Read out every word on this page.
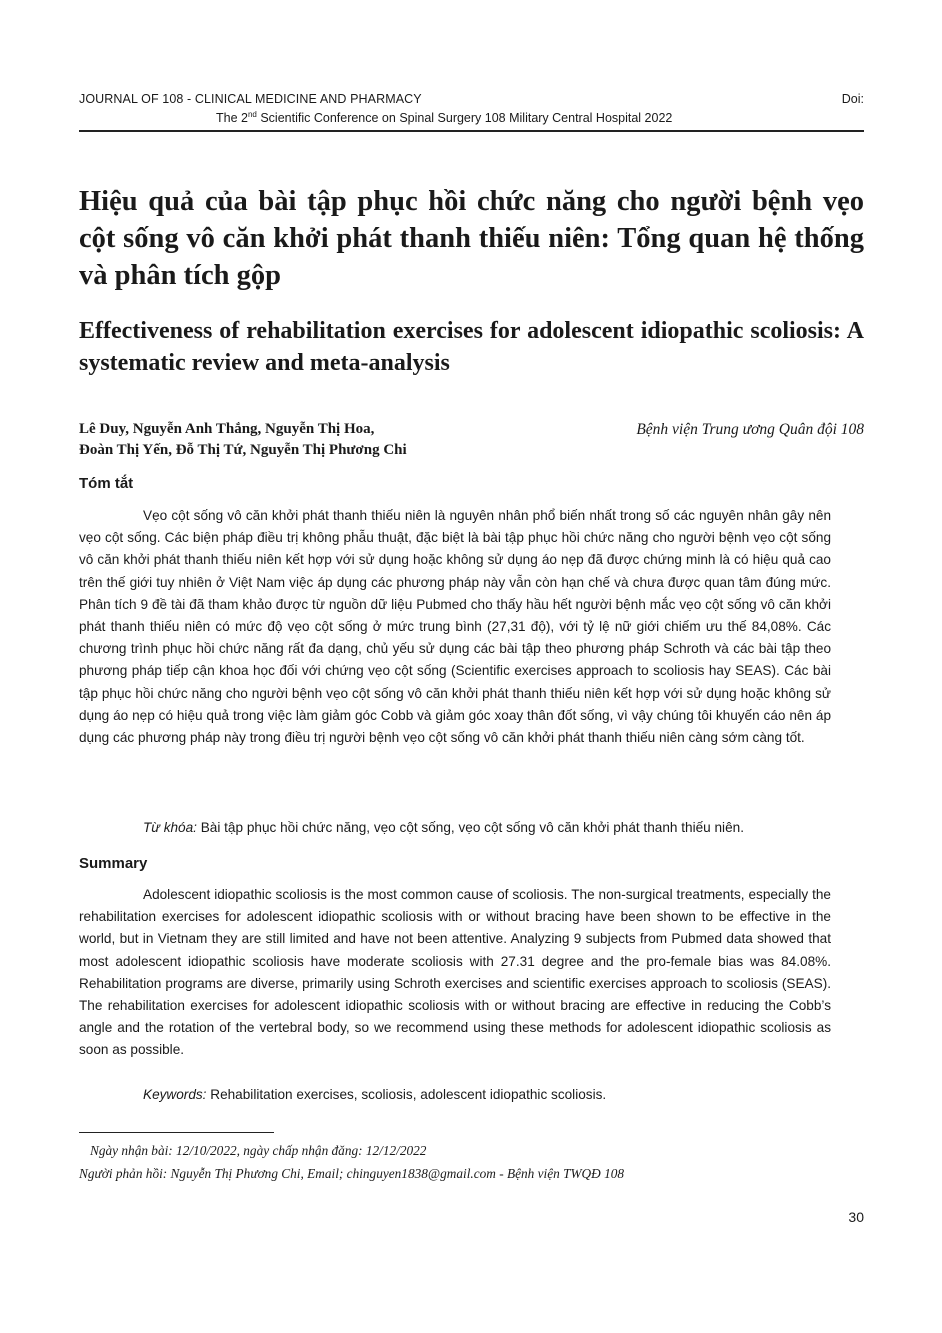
JOURNAL OF 108 - CLINICAL MEDICINE AND PHARMACY	Doi:
The 2nd Scientific Conference on Spinal Surgery 108 Military Central Hospital 2022
Hiệu quả của bài tập phục hồi chức năng cho người bệnh vẹo cột sống vô căn khởi phát thanh thiếu niên: Tổng quan hệ thống và phân tích gộp
Effectiveness of rehabilitation exercises for adolescent idiopathic scoliosis: A systematic review and meta-analysis
Lê Duy, Nguyễn Anh Thắng, Nguyễn Thị Hoa,
Đoàn Thị Yến, Đỗ Thị Tứ, Nguyễn Thị Phương Chi
Bệnh viện Trung ương Quân đội 108
Tóm tắt

Vẹo cột sống vô căn khởi phát thanh thiếu niên là nguyên nhân phổ biến nhất trong số các nguyên nhân gây nên vẹo cột sống. Các biện pháp điều trị không phẫu thuật, đặc biệt là bài tập phục hồi chức năng cho người bệnh vẹo cột sống vô căn khởi phát thanh thiếu niên kết hợp với sử dụng hoặc không sử dụng áo nẹp đã được chứng minh là có hiệu quả cao trên thế giới tuy nhiên ở Việt Nam việc áp dụng các phương pháp này vẫn còn hạn chế và chưa được quan tâm đúng mức. Phân tích 9 đề tài đã tham khảo được từ nguồn dữ liệu Pubmed cho thấy hầu hết người bệnh mắc vẹo cột sống vô căn khởi phát thanh thiếu niên có mức độ vẹo cột sống ở mức trung bình (27,31 độ), với tỷ lệ nữ giới chiếm ưu thế 84,08%. Các chương trình phục hồi chức năng rất đa dạng, chủ yếu sử dụng các bài tập theo phương pháp Schroth và các bài tập theo phương pháp tiếp cận khoa học đối với chứng vẹo cột sống (Scientific exercises approach to scoliosis hay SEAS). Các bài tập phục hồi chức năng cho người bệnh vẹo cột sống vô căn khởi phát thanh thiếu niên kết hợp với sử dụng hoặc không sử dụng áo nẹp có hiệu quả trong việc làm giảm góc Cobb và giảm góc xoay thân đốt sống, vì vậy chúng tôi khuyến cáo nên áp dụng các phương pháp này trong điều trị người bệnh vẹo cột sống vô căn khởi phát thanh thiếu niên càng sớm càng tốt.

Từ khóa: Bài tập phục hồi chức năng, vẹo cột sống, vẹo cột sống vô căn khởi phát thanh thiếu niên.
Summary

Adolescent idiopathic scoliosis is the most common cause of scoliosis. The non-surgical treatments, especially the rehabilitation exercises for adolescent idiopathic scoliosis with or without bracing have been shown to be effective in the world, but in Vietnam they are still limited and have not been attentive. Analyzing 9 subjects from Pubmed data showed that most adolescent idiopathic scoliosis have moderate scoliosis with 27.31 degree and the pro-female bias was 84.08%. Rehabilitation programs are diverse, primarily using Schroth exercises and scientific exercises approach to scoliosis (SEAS). The rehabilitation exercises for adolescent idiopathic scoliosis with or without bracing are effective in reducing the Cobb’s angle and the rotation of the vertebral body, so we recommend using these methods for adolescent idiopathic scoliosis as soon as possible.

Keywords: Rehabilitation exercises, scoliosis, adolescent idiopathic scoliosis.
Ngày nhận bài: 12/10/2022, ngày chấp nhận đăng: 12/12/2022
Người phản hồi: Nguyễn Thị Phương Chi, Email; chinguyen1838@gmail.com - Bệnh viện TWQĐ 108
30
